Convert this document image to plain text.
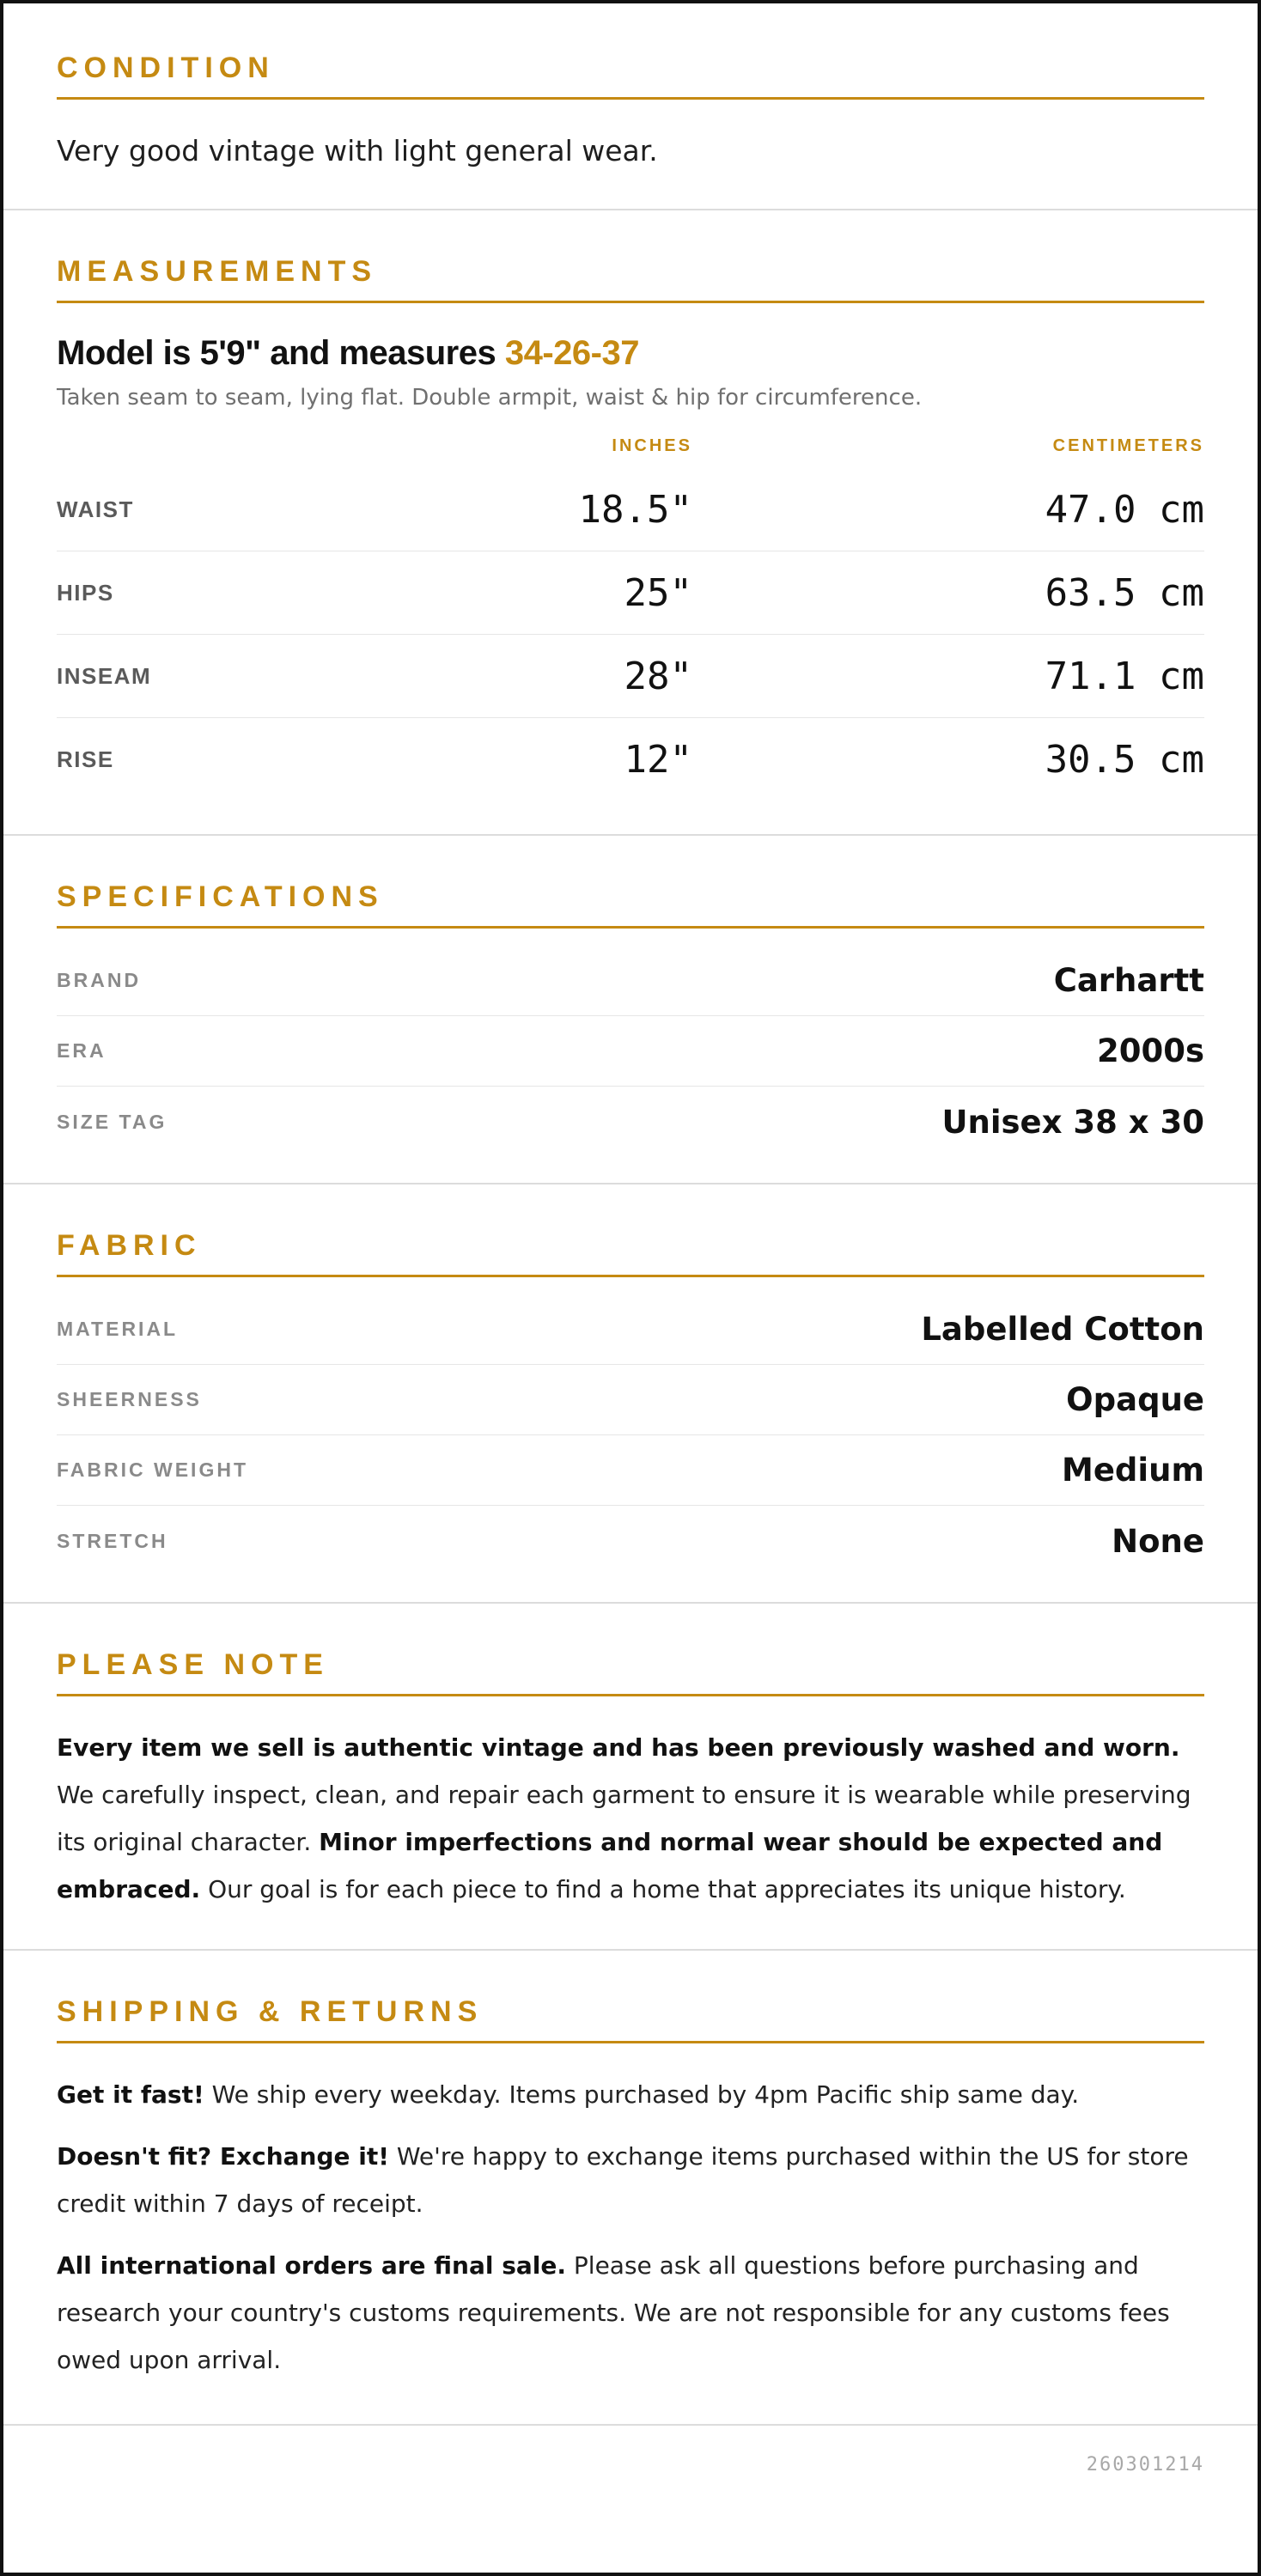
CONDITION
Very good vintage with light general wear.
MEASUREMENTS
Model is 5'9" and measures 34-26-37
Taken seam to seam, lying flat. Double armpit, waist & hip for circumference.
INCHES	CENTIMETERS
WAIST	18.5"	47.0 cm
HIPS	25"	63.5 cm
INSEAM	28"	71.1 cm
RISE	12"	30.5 cm
SPECIFICATIONS
BRAND	Carhartt
ERA	2000s
SIZE TAG	Unisex 38 x 30
FABRIC
MATERIAL	Labelled Cotton
SHEERNESS	Opaque
FABRIC WEIGHT	Medium
STRETCH	None
PLEASE NOTE
Every item we sell is authentic vintage and has been previously washed and worn. We carefully inspect, clean, and repair each garment to ensure it is wearable while preserving its original character. Minor imperfections and normal wear should be expected and embraced. Our goal is for each piece to find a home that appreciates its unique history.
SHIPPING & RETURNS
Get it fast! We ship every weekday. Items purchased by 4pm Pacific ship same day.
Doesn't fit? Exchange it! We're happy to exchange items purchased within the US for store credit within 7 days of receipt.
All international orders are final sale. Please ask all questions before purchasing and research your country's customs requirements. We are not responsible for any customs fees owed upon arrival.
260301214
